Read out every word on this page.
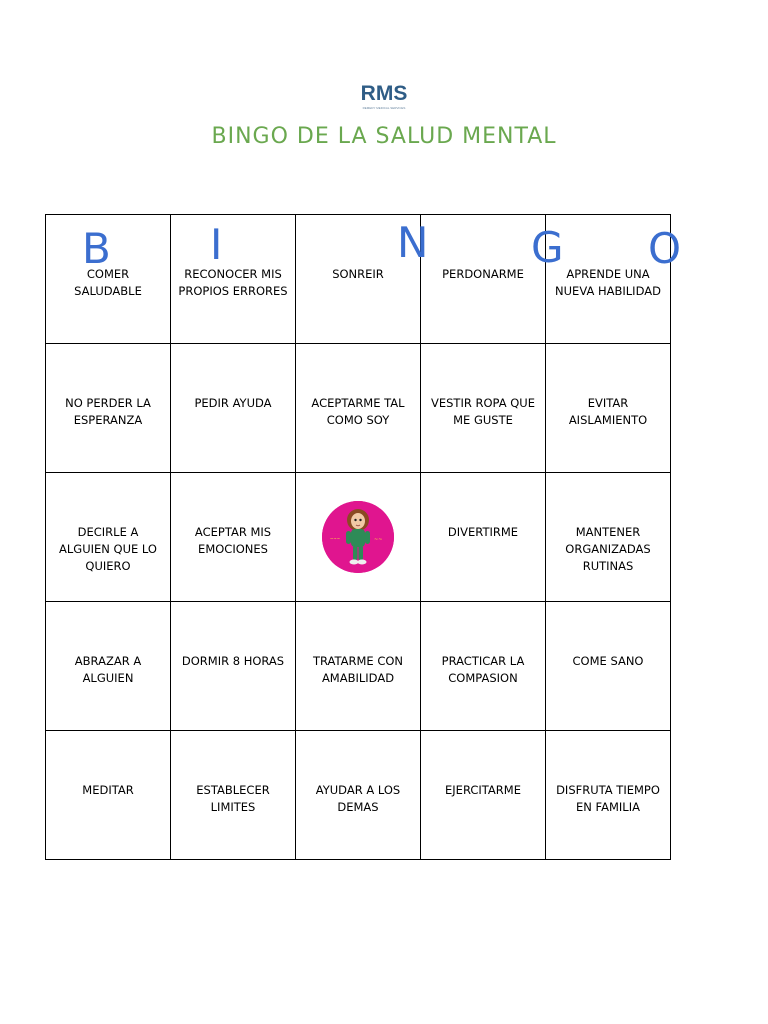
RMS
REMEDY MEDICAL SERVICES
BINGO DE LA SALUD MENTAL
COMER SALUDABLE	RECONOCER MIS PROPIOS ERRORES	SONREIR	PERDONARME	APRENDE UNA NUEVA HABILIDAD

NO PERDER LA ESPERANZA	PEDIR AYUDA	ACEPTARME TAL COMO SOY	VESTIR ROPA QUE ME GUSTE	EVITAR AISLAMIENTO

DECIRLE A ALGUIEN QUE LO QUIERO	ACEPTAR MIS EMOCIONES	~~~ ~~	DIVERTIRME	MANTENER ORGANIZADAS RUTINAS

ABRAZAR A ALGUIEN	DORMIR 8 HORAS	TRATARME CON AMABILIDAD	PRACTICAR LA COMPASION	COME SANO

MEDITAR	ESTABLECER LIMITES	AYUDAR A LOS DEMAS	EJERCITARME	DISFRUTA TIEMPO EN FAMILIA
B I	N G O
